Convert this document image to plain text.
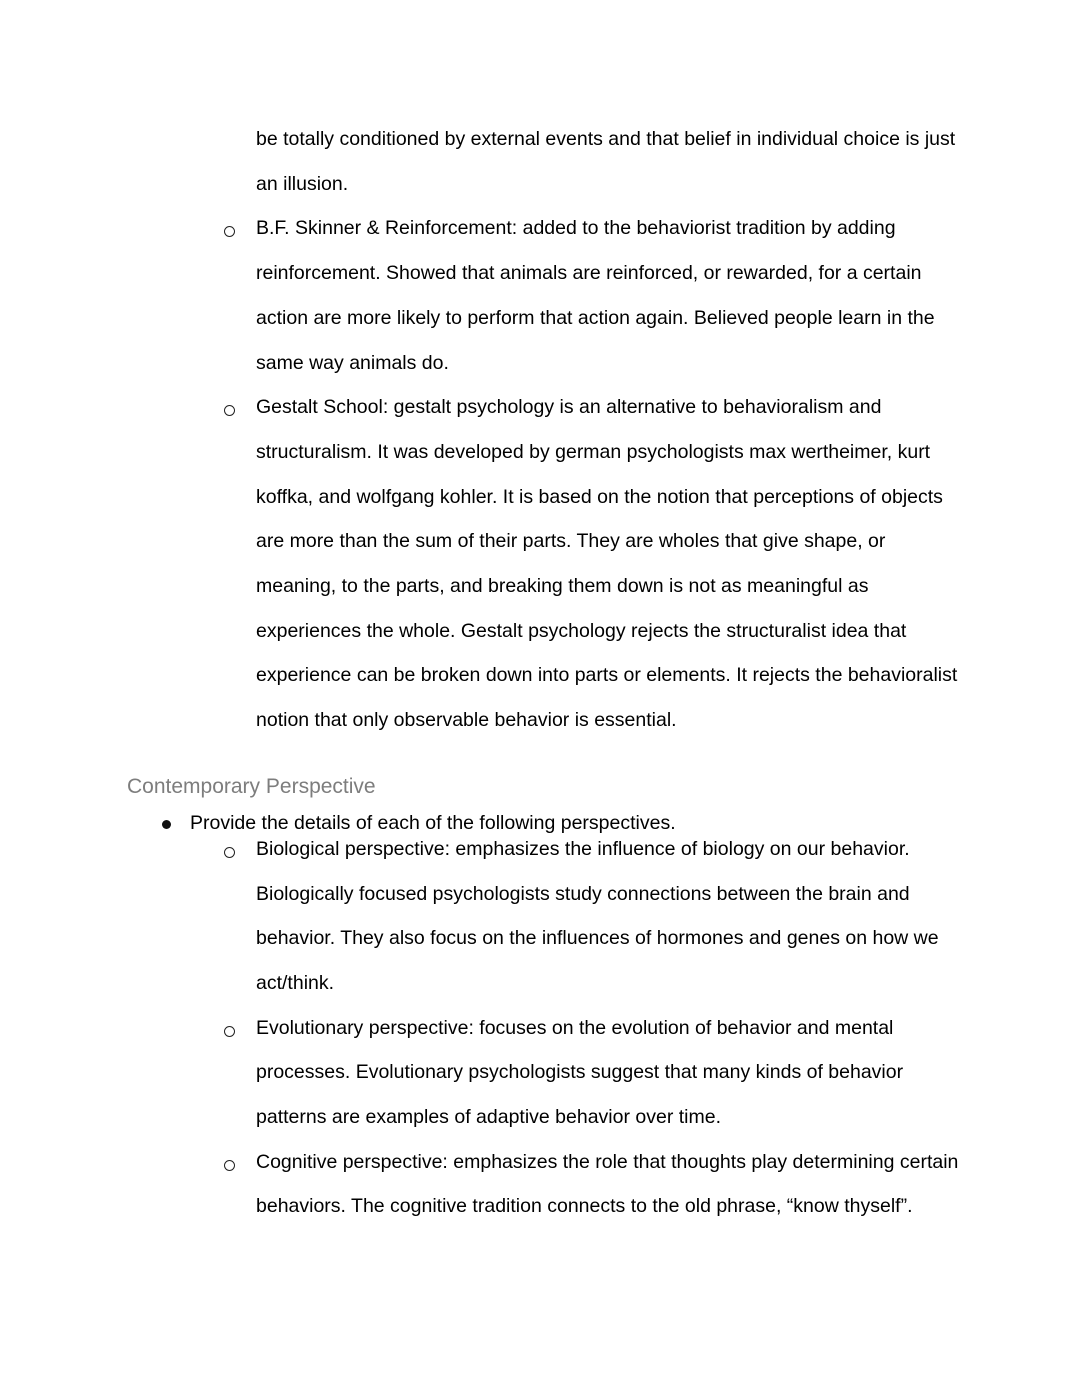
be totally conditioned by external events and that belief in individual choice is just an illusion.

B.F. Skinner & Reinforcement: added to the behaviorist tradition by adding reinforcement. Showed that animals are reinforced, or rewarded, for a certain action are more likely to perform that action again. Believed people learn in the same way animals do.
Gestalt School: gestalt psychology is an alternative to behavioralism and structuralism. It was developed by german psychologists max wertheimer, kurt koffka, and wolfgang kohler. It is based on the notion that perceptions of objects are more than the sum of their parts. They are wholes that give shape, or meaning, to the parts, and breaking them down is not as meaningful as experiences the whole. Gestalt psychology rejects the structuralist idea that experience can be broken down into parts or elements. It rejects the behavioralist notion that only observable behavior is essential.
Contemporary Perspective
Provide the details of each of the following perspectives.
Biological perspective: emphasizes the influence of biology on our behavior. Biologically focused psychologists study connections between the brain and behavior. They also focus on the influences of hormones and genes on how we act/think.
Evolutionary perspective: focuses on the evolution of behavior and mental processes. Evolutionary psychologists suggest that many kinds of behavior patterns are examples of adaptive behavior over time.
Cognitive perspective: emphasizes the role that thoughts play determining certain behaviors. The cognitive tradition connects to the old phrase, “know thyself”.
